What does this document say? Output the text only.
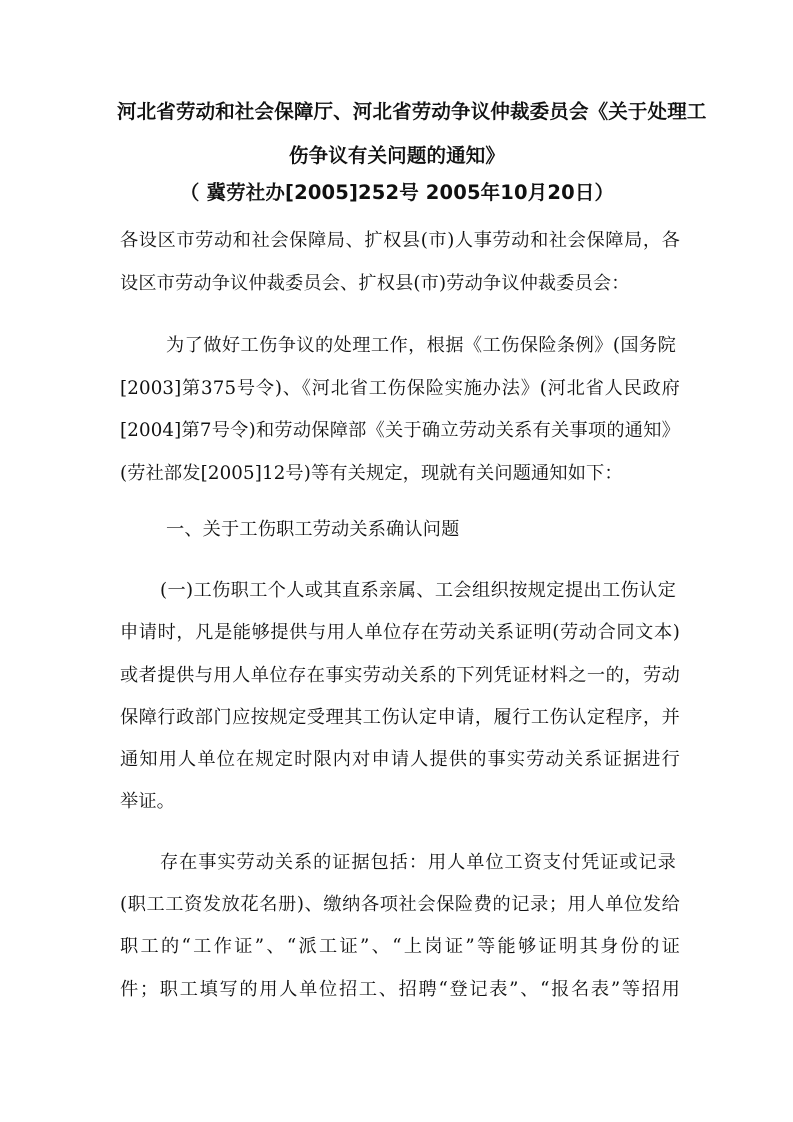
河北省劳动和社会保障厅、河北省劳动争议仲裁委员会《关于处理工
伤争议有关问题的通知》
（ 冀劳社办[2005]252号 2005年10月20日）
各设区市劳动和社会保障局、扩权县(市)人事劳动和社会保障局，各
设区市劳动争议仲裁委员会、扩权县(市)劳动争议仲裁委员会：
为了做好工伤争议的处理工作，根据《工伤保险条例》(国务院
[2003]第375号令)、《河北省工伤保险实施办法》(河北省人民政府
[2004]第7号令)和劳动保障部《关于确立劳动关系有关事项的通知》
(劳社部发[2005]12号)等有关规定，现就有关问题通知如下：
一、关于工伤职工劳动关系确认问题
(一)工伤职工个人或其直系亲属、工会组织按规定提出工伤认定
申请时，凡是能够提供与用人单位存在劳动关系证明(劳动合同文本)
或者提供与用人单位存在事实劳动关系的下列凭证材料之一的，劳动
保障行政部门应按规定受理其工伤认定申请，履行工伤认定程序，并
通知用人单位在规定时限内对申请人提供的事实劳动关系证据进行
举证。
存在事实劳动关系的证据包括：用人单位工资支付凭证或记录
(职工工资发放花名册)、缴纳各项社会保险费的记录；用人单位发给
职工的“工作证”、“派工证”、“上岗证”等能够证明其身份的证
件；职工填写的用人单位招工、招聘“登记表”、“报名表”等招用
